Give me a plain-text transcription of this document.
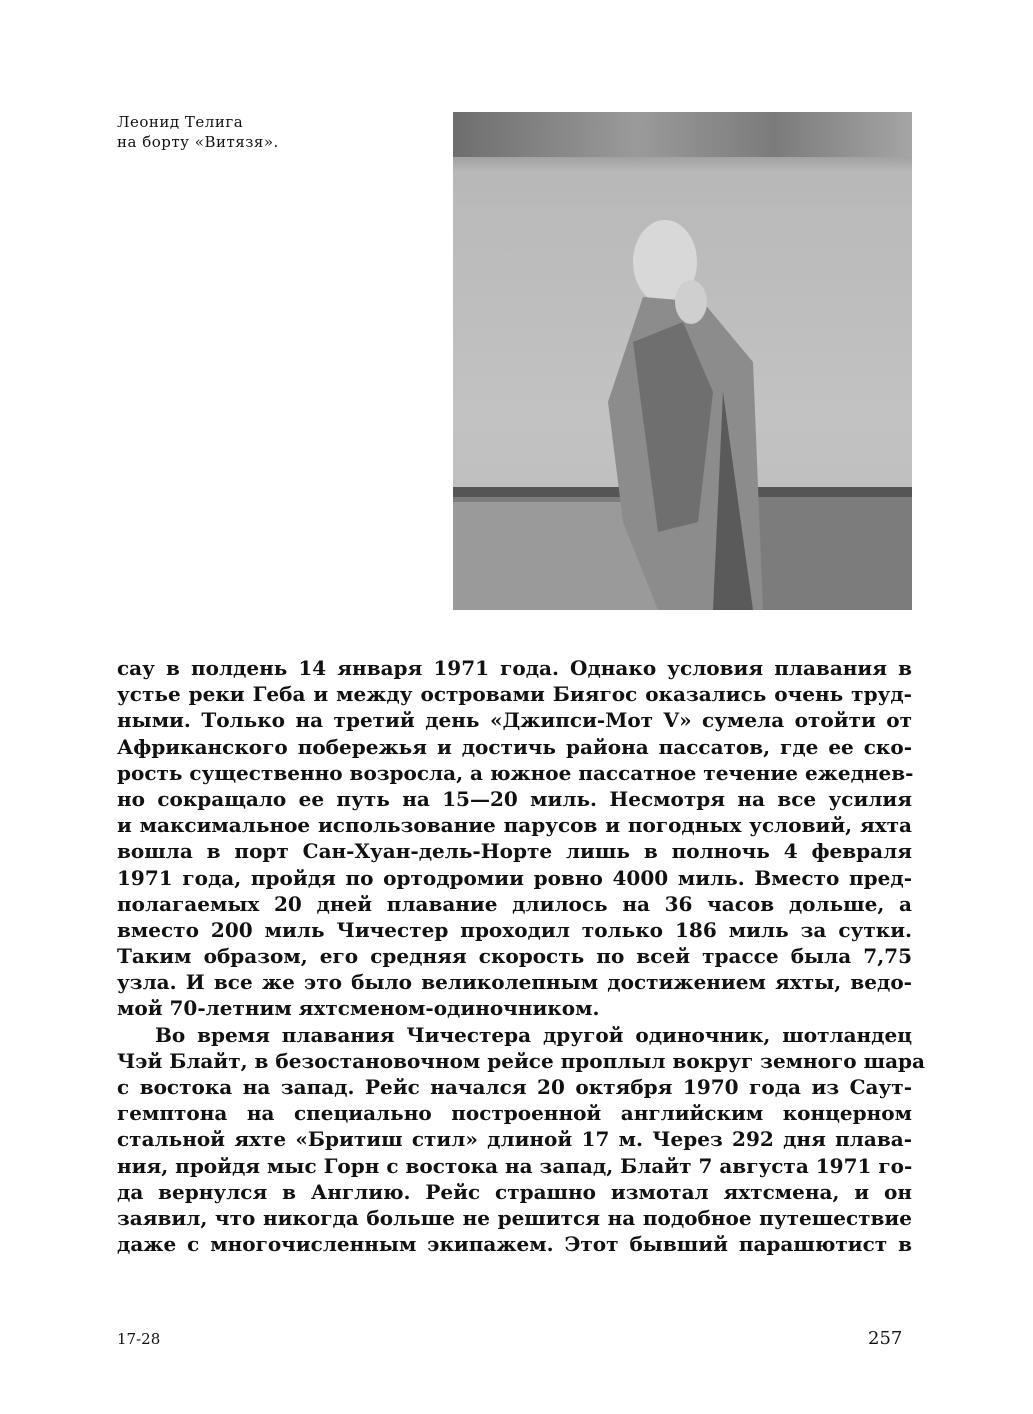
Леонид Телига
на борту «Витязя».
сау в полдень 14 января 1971 года. Однако условия плавания в
устье реки Геба и между островами Биягос оказались очень труд-
ными. Только на третий день «Джипси-Мот V» сумела отойти от
Африканского побережья и достичь района пассатов, где ее ско-
рость существенно возросла, а южное пассатное течение ежеднев-
но сокращало ее путь на 15—20 миль. Несмотря на все усилия
и максимальное использование парусов и погодных условий, яхта
вошла в порт Сан-Хуан-дель-Норте лишь в полночь 4 февраля
1971 года, пройдя по ортодромии ровно 4000 миль. Вместо пред-
полагаемых 20 дней плавание длилось на 36 часов дольше, а
вместо 200 миль Чичестер проходил только 186 миль за сутки.
Таким образом, его средняя скорость по всей трассе была 7,75
узла. И все же это было великолепным достижением яхты, ведо-
мой 70-летним яхтсменом-одиночником.
Во время плавания Чичестера другой одиночник, шотландец
Чэй Блайт, в безостановочном рейсе проплыл вокруг земного шара
с востока на запад. Рейс начался 20 октября 1970 года из Саут-
гемптона на специально построенной английским концерном
стальной яхте «Бритиш стил» длиной 17 м. Через 292 дня плава-
ния, пройдя мыс Горн с востока на запад, Блайт 7 августа 1971 го-
да вернулся в Англию. Рейс страшно измотал яхтсмена, и он
заявил, что никогда больше не решится на подобное путешествие
даже с многочисленным экипажем. Этот бывший парашютист в
17-28	257
